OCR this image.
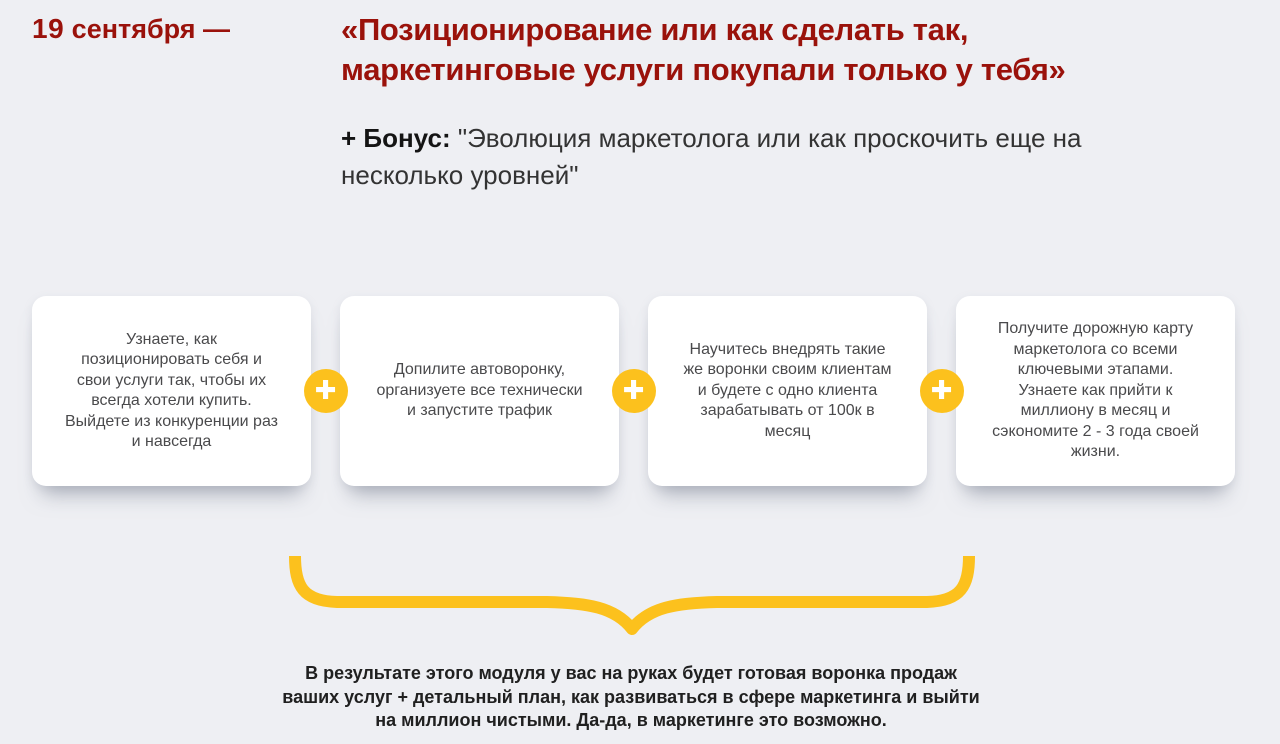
19 сентября —	«Позиционирование или как сделать так,
маркетинговые услуги покупали только у тебя»

+ Бонус: "Эволюция маркетолога или как проскочить еще на
несколько уровней"

Узнаете, как
позиционировать себя и
свои услуги так, чтобы их
всегда хотели купить.
Выйдете из конкуренции раз
и навсегда

✚

Допилите автоворонку,
организуете все технически
и запустите трафик

✚

Научитесь внедрять такие
же воронки своим клиентам
и будете с одно клиента
зарабатывать от 100к в
месяц

✚

Получите дорожную карту
маркетолога со всеми
ключевыми этапами.
Узнаете как прийти к
миллиону в месяц и
сэкономите 2 - 3 года своей
жизни.

В результате этого модуля у вас на руках будет готовая воронка продаж
ваших услуг + детальный план, как развиваться в сфере маркетинга и выйти
на миллион чистыми. Да-да, в маркетинге это возможно.
